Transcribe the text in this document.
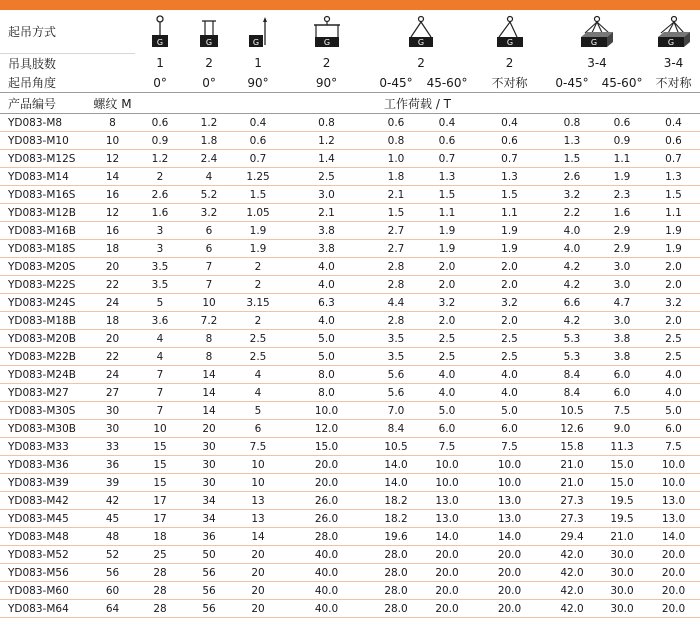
起吊方式		G	G	G	G	G		G	G		G

吊具肢数		1	2	1	2	2		2	3-4		3-4
起吊角度		0°	0°	90°	90°	0-45°	45-60°	不对称	0-45°	45-60°	不对称
产品编号	螺纹 M	工作荷载 / T									
YD083-M8	8	0.6	1.2	0.4	0.8	0.6	0.4	0.4	0.8	0.6	0.4
YD083-M10	10	0.9	1.8	0.6	1.2	0.8	0.6	0.6	1.3	0.9	0.6
YD083-M12S	12	1.2	2.4	0.7	1.4	1.0	0.7	0.7	1.5	1.1	0.7
YD083-M14	14	2	4	1.25	2.5	1.8	1.3	1.3	2.6	1.9	1.3
YD083-M16S	16	2.6	5.2	1.5	3.0	2.1	1.5	1.5	3.2	2.3	1.5
YD083-M12B	12	1.6	3.2	1.05	2.1	1.5	1.1	1.1	2.2	1.6	1.1
YD083-M16B	16	3	6	1.9	3.8	2.7	1.9	1.9	4.0	2.9	1.9
YD083-M18S	18	3	6	1.9	3.8	2.7	1.9	1.9	4.0	2.9	1.9
YD083-M20S	20	3.5	7	2	4.0	2.8	2.0	2.0	4.2	3.0	2.0
YD083-M22S	22	3.5	7	2	4.0	2.8	2.0	2.0	4.2	3.0	2.0
YD083-M24S	24	5	10	3.15	6.3	4.4	3.2	3.2	6.6	4.7	3.2
YD083-M18B	18	3.6	7.2	2	4.0	2.8	2.0	2.0	4.2	3.0	2.0
YD083-M20B	20	4	8	2.5	5.0	3.5	2.5	2.5	5.3	3.8	2.5
YD083-M22B	22	4	8	2.5	5.0	3.5	2.5	2.5	5.3	3.8	2.5
YD083-M24B	24	7	14	4	8.0	5.6	4.0	4.0	8.4	6.0	4.0
YD083-M27	27	7	14	4	8.0	5.6	4.0	4.0	8.4	6.0	4.0
YD083-M30S	30	7	14	5	10.0	7.0	5.0	5.0	10.5	7.5	5.0
YD083-M30B	30	10	20	6	12.0	8.4	6.0	6.0	12.6	9.0	6.0
YD083-M33	33	15	30	7.5	15.0	10.5	7.5	7.5	15.8	11.3	7.5
YD083-M36	36	15	30	10	20.0	14.0	10.0	10.0	21.0	15.0	10.0
YD083-M39	39	15	30	10	20.0	14.0	10.0	10.0	21.0	15.0	10.0
YD083-M42	42	17	34	13	26.0	18.2	13.0	13.0	27.3	19.5	13.0
YD083-M45	45	17	34	13	26.0	18.2	13.0	13.0	27.3	19.5	13.0
YD083-M48	48	18	36	14	28.0	19.6	14.0	14.0	29.4	21.0	14.0
YD083-M52	52	25	50	20	40.0	28.0	20.0	20.0	42.0	30.0	20.0
YD083-M56	56	28	56	20	40.0	28.0	20.0	20.0	42.0	30.0	20.0
YD083-M60	60	28	56	20	40.0	28.0	20.0	20.0	42.0	30.0	20.0
YD083-M64	64	28	56	20	40.0	28.0	20.0	20.0	42.0	30.0	20.0
